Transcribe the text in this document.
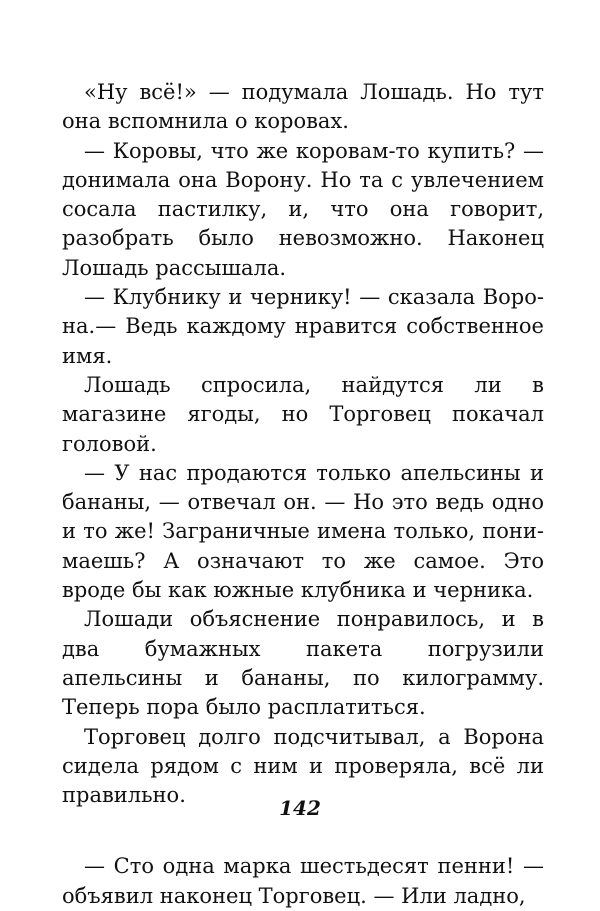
«Ну всё!» — подумала Лошадь. Но тут она вспомнила о коровах.

— Коровы, что же коровам-то купить? — донимала она Ворону. Но та с увлечением сосала пастилку, и, что она говорит, разобрать было невозможно. Наконец Лошадь рассышала.

— Клубнику и чернику! — сказала Ворона.— Ведь каждому нравится собственное имя.

Лошадь спросила, найдутся ли в магазине ягоды, но Торговец покачал головой.

— У нас продаются только апельсины и бананы, — отвечал он. — Но это ведь одно и то же! Заграничные имена только, понимаешь? А означают то же самое. Это вроде бы как южные клубника и черника.

Лошади объяснение понравилось, и в два бумажных пакета погрузили апельсины и бананы, по килограмму. Теперь пора было расплатиться.

Торговец долго подсчитывал, а Ворона сидела рядом с ним и проверяла, всё ли правильно.

— Сто одна марка шестьдесят пенни! — объявил наконец Торговец. — Или ладно,

142
